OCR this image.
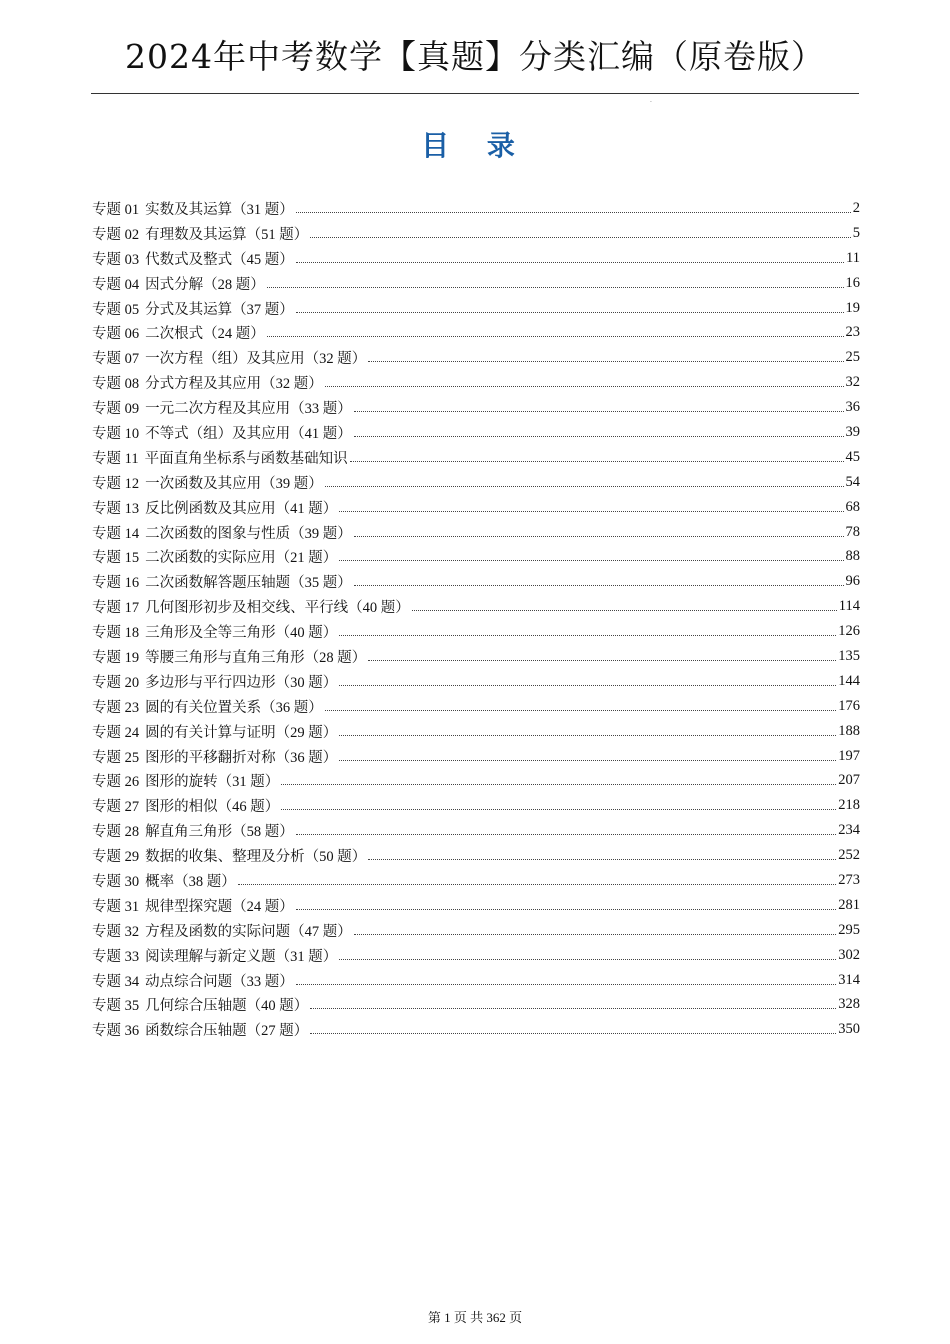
2024年中考数学【真题】分类汇编（原卷版）
·
目 录
专题 01 实数及其运算（31 题）	2
专题 02 有理数及其运算（51 题）	5
专题 03 代数式及整式（45 题）	11
专题 04 因式分解（28 题）	16
专题 05 分式及其运算（37 题）	19
专题 06 二次根式（24 题）	23
专题 07 一次方程（组）及其应用（32 题）	25
专题 08 分式方程及其应用（32 题）	32
专题 09 一元二次方程及其应用（33 题）	36
专题 10 不等式（组）及其应用（41 题）	39
专题 11 平面直角坐标系与函数基础知识	45
专题 12 一次函数及其应用（39 题）	54
专题 13 反比例函数及其应用（41 题）	68
专题 14 二次函数的图象与性质（39 题）	78
专题 15 二次函数的实际应用（21 题）	88
专题 16 二次函数解答题压轴题（35 题）	96
专题 17 几何图形初步及相交线、平行线（40 题）	114
专题 18 三角形及全等三角形（40 题）	126
专题 19 等腰三角形与直角三角形（28 题）	135
专题 20 多边形与平行四边形（30 题）	144
专题 23 圆的有关位置关系（36 题）	176
专题 24 圆的有关计算与证明（29 题）	188
专题 25 图形的平移翻折对称（36 题）	197
专题 26 图形的旋转（31 题）	207
专题 27 图形的相似（46 题）	218
专题 28 解直角三角形（58 题）	234
专题 29 数据的收集、整理及分析（50 题）	252
专题 30 概率（38 题）	273
专题 31 规律型探究题（24 题）	281
专题 32 方程及函数的实际问题（47 题）	295
专题 33 阅读理解与新定义题（31 题）	302
专题 34 动点综合问题（33 题）	314
专题 35 几何综合压轴题（40 题）	328
专题 36 函数综合压轴题（27 题）	350
第 1 页 共 362 页
